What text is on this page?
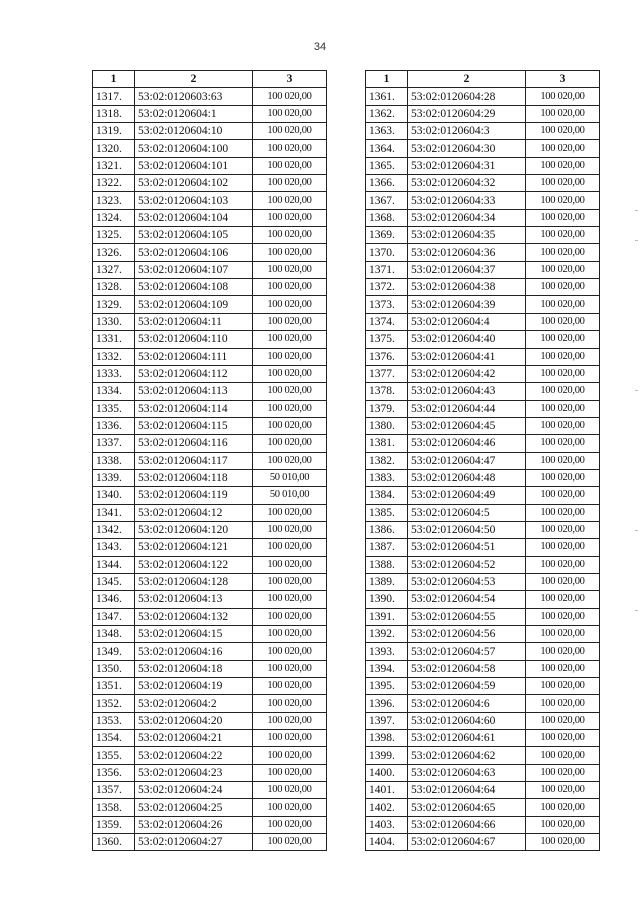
34
1	2	3
1317.	53:02:0120603:63	100 020,00
1318.	53:02:0120604:1	100 020,00
1319.	53:02:0120604:10	100 020,00
1320.	53:02:0120604:100	100 020,00
1321.	53:02:0120604:101	100 020,00
1322.	53:02:0120604:102	100 020,00
1323.	53:02:0120604:103	100 020,00
1324.	53:02:0120604:104	100 020,00
1325.	53:02:0120604:105	100 020,00
1326.	53:02:0120604:106	100 020,00
1327.	53:02:0120604:107	100 020,00
1328.	53:02:0120604:108	100 020,00
1329.	53:02:0120604:109	100 020,00
1330.	53:02:0120604:11	100 020,00
1331.	53:02:0120604:110	100 020,00
1332.	53:02:0120604:111	100 020,00
1333.	53:02:0120604:112	100 020,00
1334.	53:02:0120604:113	100 020,00
1335.	53:02:0120604:114	100 020,00
1336.	53:02:0120604:115	100 020,00
1337.	53:02:0120604:116	100 020,00
1338.	53:02:0120604:117	100 020,00
1339.	53:02:0120604:118	50 010,00
1340.	53:02:0120604:119	50 010,00
1341.	53:02:0120604:12	100 020,00
1342.	53:02:0120604:120	100 020,00
1343.	53:02:0120604:121	100 020,00
1344.	53:02:0120604:122	100 020,00
1345.	53:02:0120604:128	100 020,00
1346.	53:02:0120604:13	100 020,00
1347.	53:02:0120604:132	100 020,00
1348.	53:02:0120604:15	100 020,00
1349.	53:02:0120604:16	100 020,00
1350.	53:02:0120604:18	100 020,00
1351.	53:02:0120604:19	100 020,00
1352.	53:02:0120604:2	100 020,00
1353.	53:02:0120604:20	100 020,00
1354.	53:02:0120604:21	100 020,00
1355.	53:02:0120604:22	100 020,00
1356.	53:02:0120604:23	100 020,00
1357.	53:02:0120604:24	100 020,00
1358.	53:02:0120604:25	100 020,00
1359.	53:02:0120604:26	100 020,00
1360.	53:02:0120604:27	100 020,00
1	2	3
1361.	53:02:0120604:28	100 020,00
1362.	53:02:0120604:29	100 020,00
1363.	53:02:0120604:3	100 020,00
1364.	53:02:0120604:30	100 020,00
1365.	53:02:0120604:31	100 020,00
1366.	53:02:0120604:32	100 020,00
1367.	53:02:0120604:33	100 020,00
1368.	53:02:0120604:34	100 020,00
1369.	53:02:0120604:35	100 020,00
1370.	53:02:0120604:36	100 020,00
1371.	53:02:0120604:37	100 020,00
1372.	53:02:0120604:38	100 020,00
1373.	53:02:0120604:39	100 020,00
1374.	53:02:0120604:4	100 020,00
1375.	53:02:0120604:40	100 020,00
1376.	53:02:0120604:41	100 020,00
1377.	53:02:0120604:42	100 020,00
1378.	53:02:0120604:43	100 020,00
1379.	53:02:0120604:44	100 020,00
1380.	53:02:0120604:45	100 020,00
1381.	53:02:0120604:46	100 020,00
1382.	53:02:0120604:47	100 020,00
1383.	53:02:0120604:48	100 020,00
1384.	53:02:0120604:49	100 020,00
1385.	53:02:0120604:5	100 020,00
1386.	53:02:0120604:50	100 020,00
1387.	53:02:0120604:51	100 020,00
1388.	53:02:0120604:52	100 020,00
1389.	53:02:0120604:53	100 020,00
1390.	53:02:0120604:54	100 020,00
1391.	53:02:0120604:55	100 020,00
1392.	53:02:0120604:56	100 020,00
1393.	53:02:0120604:57	100 020,00
1394.	53:02:0120604:58	100 020,00
1395.	53:02:0120604:59	100 020,00
1396.	53:02:0120604:6	100 020,00
1397.	53:02:0120604:60	100 020,00
1398.	53:02:0120604:61	100 020,00
1399.	53:02:0120604:62	100 020,00
1400.	53:02:0120604:63	100 020,00
1401.	53:02:0120604:64	100 020,00
1402.	53:02:0120604:65	100 020,00
1403.	53:02:0120604:66	100 020,00
1404.	53:02:0120604:67	100 020,00
